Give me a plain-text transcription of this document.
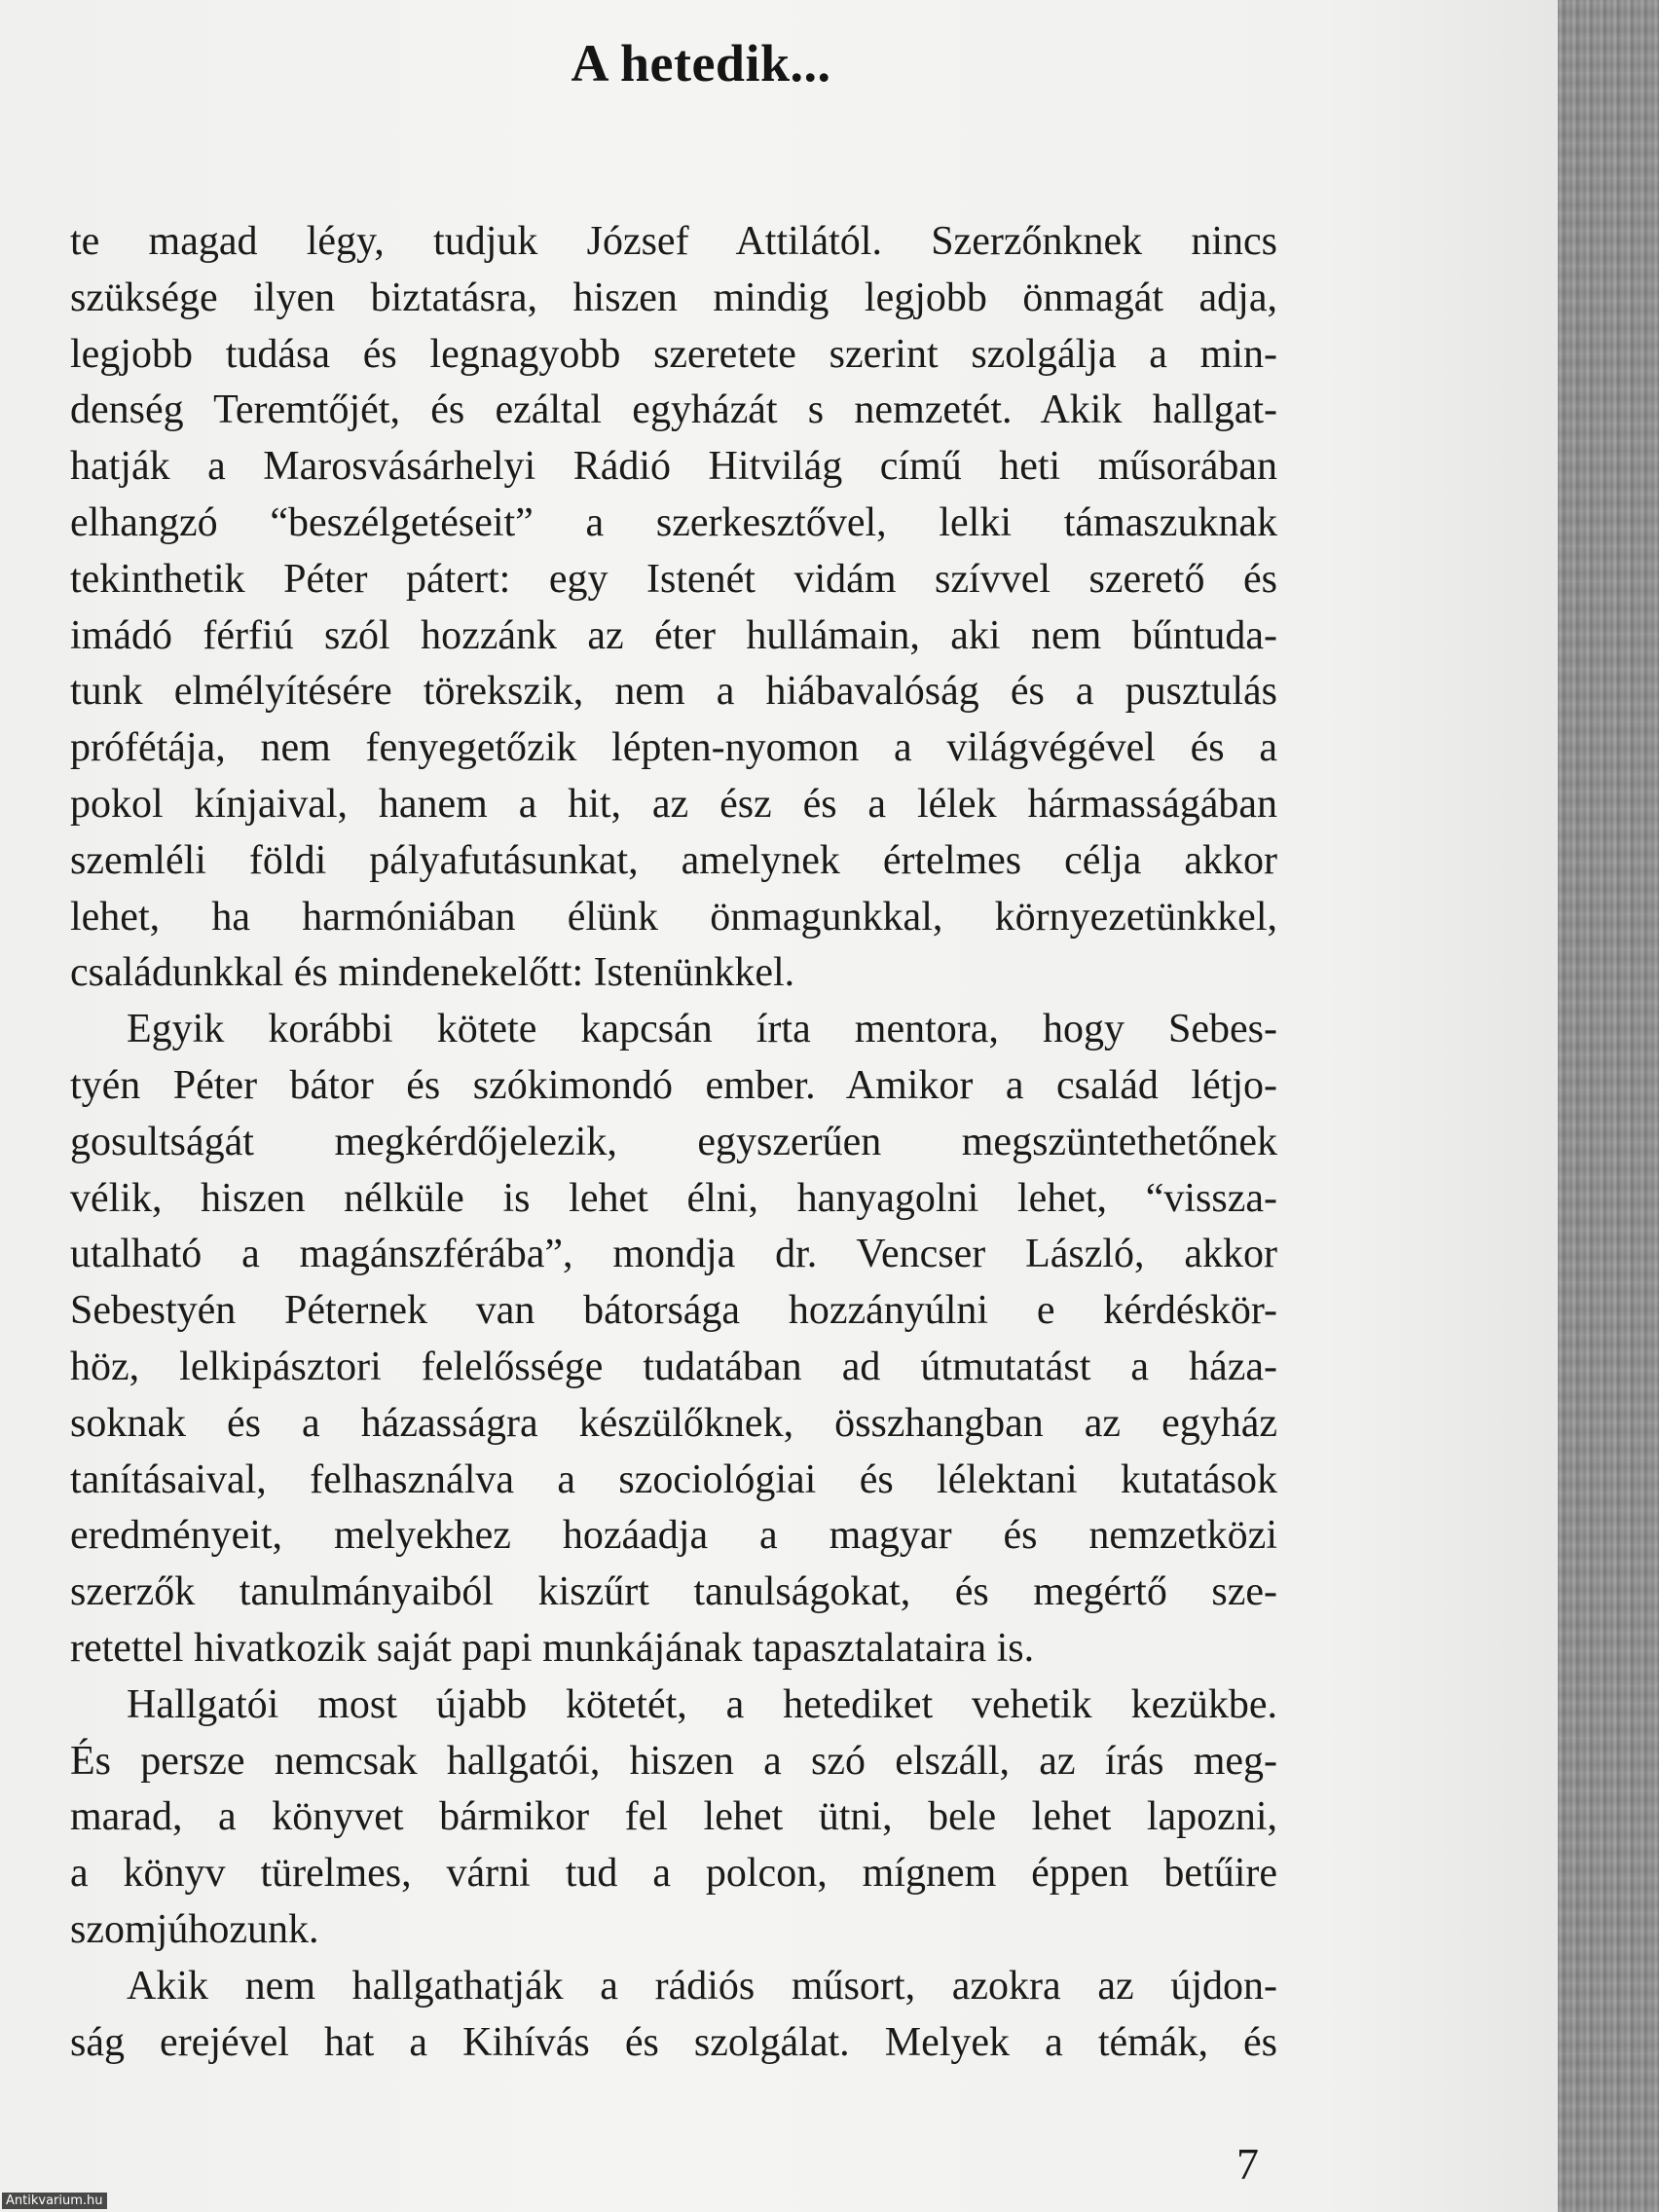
A hetedik...
te magad légy, tudjuk József Attilától. Szerzőnknek nincs
szüksége ilyen biztatásra, hiszen mindig legjobb önmagát adja,
legjobb tudása és legnagyobb szeretete szerint szolgálja a min-
denség Teremtőjét, és ezáltal egyházát s nemzetét. Akik hallgat-
hatják a Marosvásárhelyi Rádió Hitvilág című heti műsorában
elhangzó “beszélgetéseit” a szerkesztővel, lelki támaszuknak
tekinthetik Péter pátert: egy Istenét vidám szívvel szerető és
imádó férfiú szól hozzánk az éter hullámain, aki nem bűntuda-
tunk elmélyítésére törekszik, nem a hiábavalóság és a pusztulás
prófétája, nem fenyegetőzik lépten-nyomon a világvégével és a
pokol kínjaival, hanem a hit, az ész és a lélek hármasságában
szemléli földi pályafutásunkat, amelynek értelmes célja akkor
lehet, ha harmóniában élünk önmagunkkal, környezetünkkel,
családunkkal és mindenekelőtt: Istenünkkel.
Egyik korábbi kötete kapcsán írta mentora, hogy Sebes-
tyén Péter bátor és szókimondó ember. Amikor a család létjo-
gosultságát megkérdőjelezik, egyszerűen megszüntethetőnek
vélik, hiszen nélküle is lehet élni, hanyagolni lehet, “vissza-
utalható a magánszférába”, mondja dr. Vencser László, akkor
Sebestyén Péternek van bátorsága hozzányúlni e kérdéskör-
höz, lelkipásztori felelőssége tudatában ad útmutatást a háza-
soknak és a házasságra készülőknek, összhangban az egyház
tanításaival, felhasználva a szociológiai és lélektani kutatások
eredményeit, melyekhez hozáadja a magyar és nemzetközi
szerzők tanulmányaiból kiszűrt tanulságokat, és megértő sze-
retettel hivatkozik saját papi munkájának tapasztalataira is.
Hallgatói most újabb kötetét, a hetediket vehetik kezükbe.
És persze nemcsak hallgatói, hiszen a szó elszáll, az írás meg-
marad, a könyvet bármikor fel lehet ütni, bele lehet lapozni,
a könyv türelmes, várni tud a polcon, mígnem éppen betűire
szomjúhozunk.
Akik nem hallgathatják a rádiós műsort, azokra az újdon-
ság erejével hat a Kihívás és szolgálat. Melyek a témák, és
7
Antikvarium.hu
